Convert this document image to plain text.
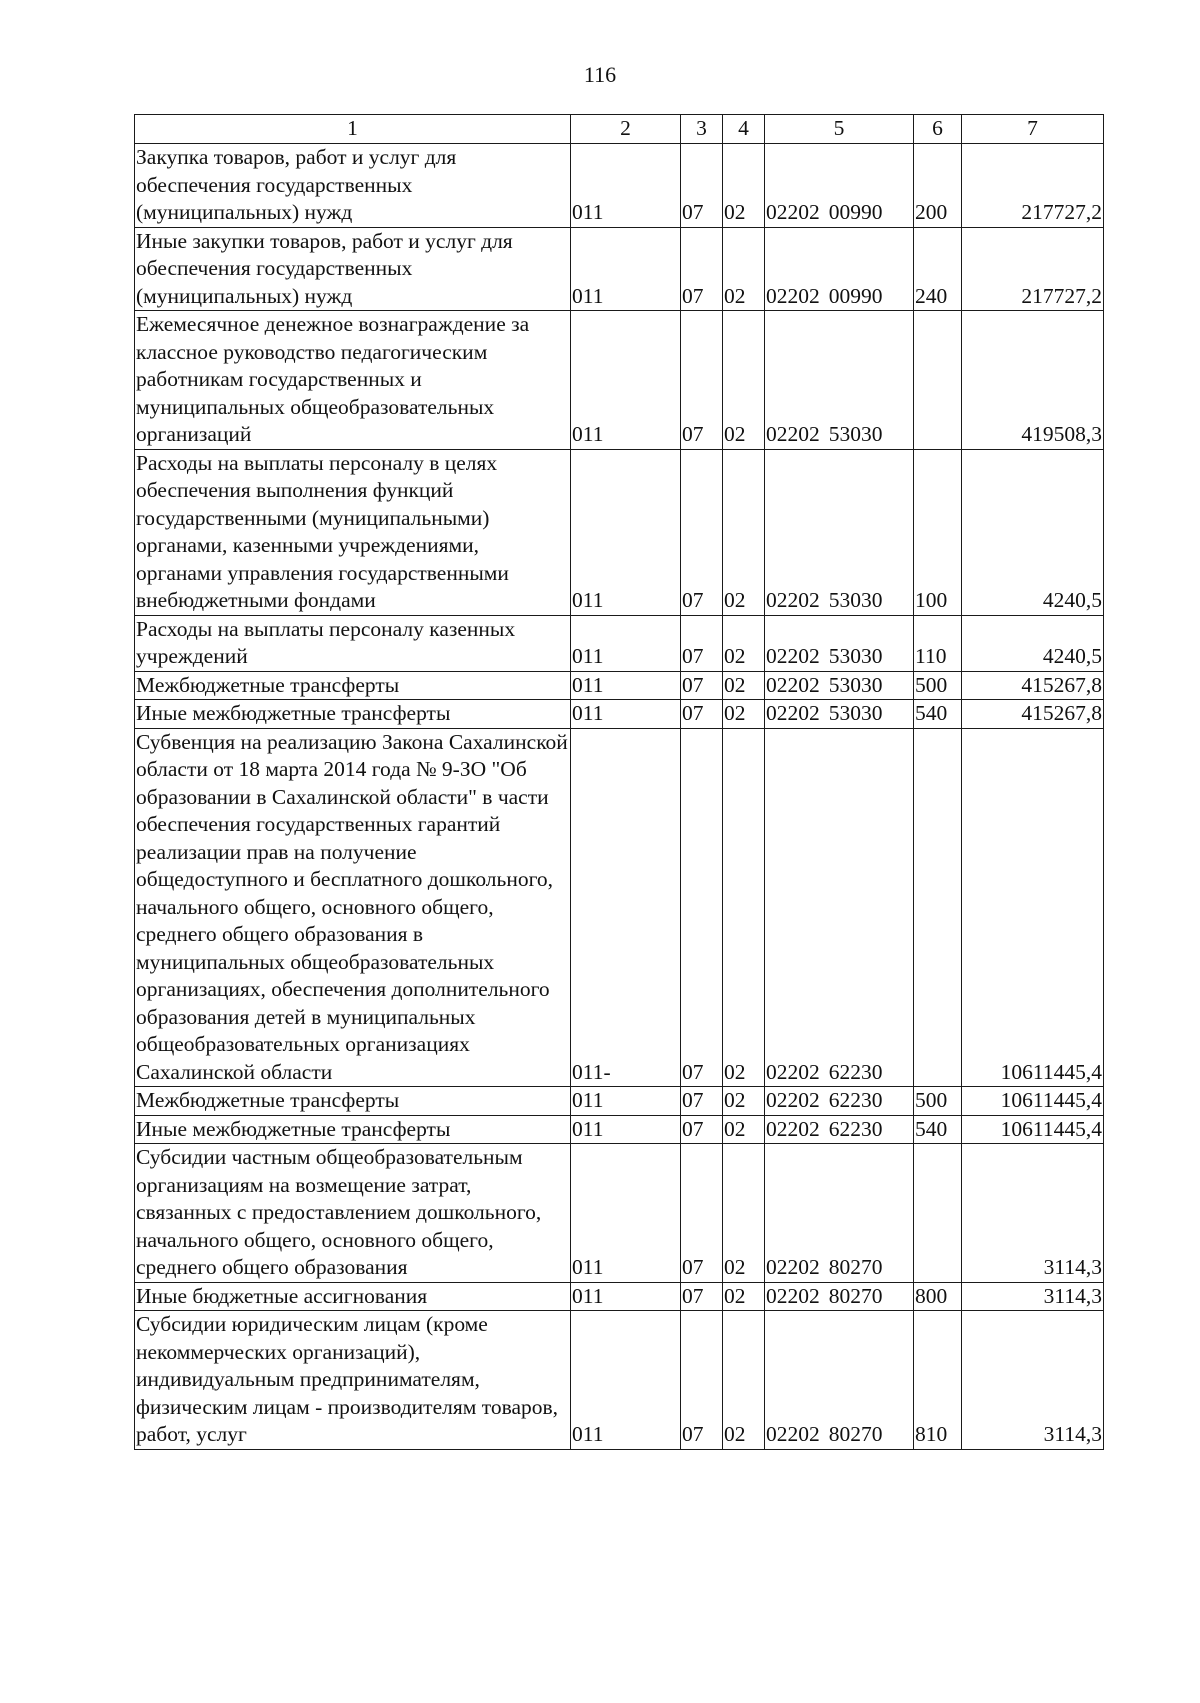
116
1	2	3	4	5	6	7
Закупка товаров, работ и услуг для обеспечения государственных (муниципальных) нужд	011	07	02	02202 00990	200	217727,2
Иные закупки товаров, работ и услуг для обеспечения государственных (муниципальных) нужд	011	07	02	02202 00990	240	217727,2
Ежемесячное денежное вознаграждение за классное руководство педагогическим работникам государственных и муниципальных общеобразовательных организаций	011	07	02	02202 53030		419508,3
Расходы на выплаты персоналу в целях обеспечения выполнения функций государственными (муниципальными) органами, казенными учреждениями, органами управления государственными внебюджетными фондами	011	07	02	02202 53030	100	4240,5
Расходы на выплаты персоналу казенных учреждений	011	07	02	02202 53030	110	4240,5
Межбюджетные трансферты	011	07	02	02202 53030	500	415267,8
Иные межбюджетные трансферты	011	07	02	02202 53030	540	415267,8
Субвенция на реализацию Закона Сахалинской области от 18 марта 2014 года № 9-ЗО "Об образовании в Сахалинской области" в части обеспечения государственных гарантий реализации прав на получение общедоступного и бесплатного дошкольного, начального общего, основного общего, среднего общего образования в муниципальных общеобразовательных организациях, обеспечения дополнительного образования детей в муниципальных общеобразовательных организациях Сахалинской области	011-	07	02	02202 62230		10611445,4
Межбюджетные трансферты	011	07	02	02202 62230	500	10611445,4
Иные межбюджетные трансферты	011	07	02	02202 62230	540	10611445,4
Субсидии частным общеобразовательным организациям на возмещение затрат, связанных с предоставлением дошкольного, начального общего, основного общего, среднего общего образования	011	07	02	02202 80270		3114,3
Иные бюджетные ассигнования	011	07	02	02202 80270	800	3114,3
Субсидии юридическим лицам (кроме некоммерческих организаций), индивидуальным предпринимателям, физическим лицам - производителям товаров, работ, услуг	011	07	02	02202 80270	810	3114,3
